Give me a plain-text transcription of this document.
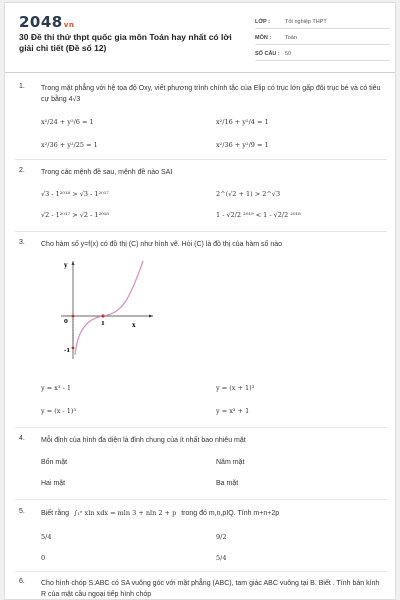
2048vn
30 Đề thi thử thpt quốc gia môn Toán hay nhất có lời giải chi tiết (Đề số 12)
LỚP :	Tốt nghiệp THPT
MÔN :	Toán
SỐ CÂU : 50
1.	Trong mặt phẳng với hệ tọa độ Oxy, viết phương trình chính tắc của Elip có trục lớn gấp đôi trục bé và có tiêu cự bằng 4√3
x²/24 + y²/6 = 1	x²/16 + y²/4 = 1
x²/36 + y²/25 = 1	x²/36 + y²/9 = 1
2.	Trong các mệnh đề sau, mệnh đề nào SAI
√3 - 1²⁰¹⁸ > √3 - 1²⁰¹⁷	2^(√2 + 1) > 2^√3
√2 - 1²⁰¹⁷ > √2 - 1²⁰¹⁸	1 - √2/2 ²⁰¹⁹ < 1 - √2/2 ²⁰¹⁸
3.	Cho hàm số y=f(x) có đồ thị (C) như hình vẽ. Hỏi (C) là đồ thị của hàm số nào
y
x
0	1
-1
y = x³ - 1	y = (x + 1)³
y = (x - 1)³	y = x³ + 1
4.	Mỗi đỉnh của hình đa diện là đỉnh chung của ít nhất bao nhiêu mặt
Bốn mặt	Năm mặt
Hai mặt	Ba mặt
5.	Biết rằng ∫₁ᵉ xln xdx = mln 3 + nln 2 + p trong đó m,n,pIQ. Tính m+n+2p
5/4	9/2
0	5/4
6.	Cho hình chóp S.ABC có SA vuông góc với mặt phẳng (ABC), tam giác ABC vuông tại B. Biết . Tính bán kính R của mặt cầu ngoại tiếp hình chóp
